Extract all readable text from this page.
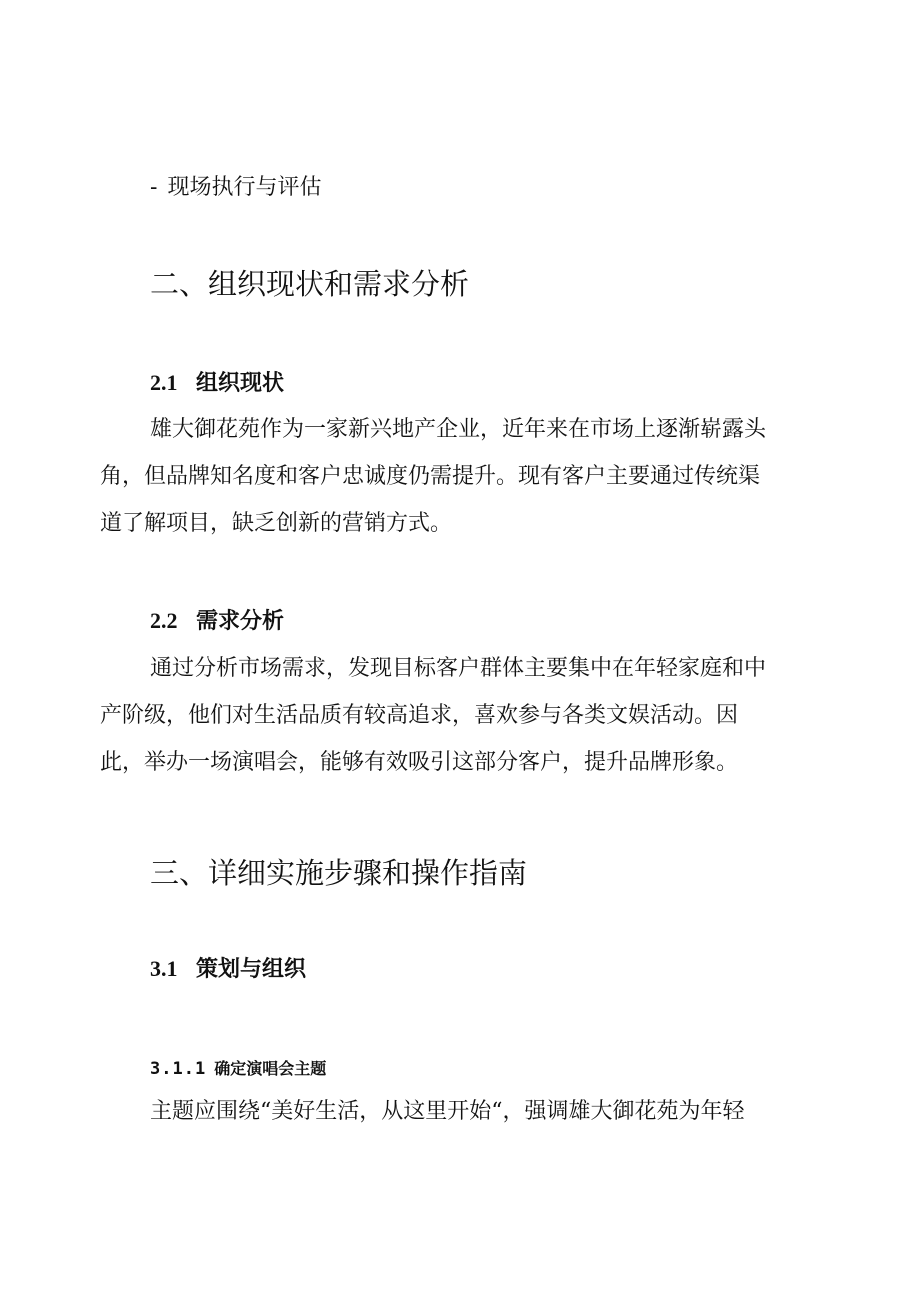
- 现场执行与评估

二、组织现状和需求分析
2.1 组织现状
雄大御花苑作为一家新兴地产企业，近年来在市场上逐渐崭露头
角，但品牌知名度和客户忠诚度仍需提升。现有客户主要通过传统渠
道了解项目，缺乏创新的营销方式。
2.2 需求分析
通过分析市场需求，发现目标客户群体主要集中在年轻家庭和中
产阶级，他们对生活品质有较高追求，喜欢参与各类文娱活动。因
此，举办一场演唱会，能够有效吸引这部分客户，提升品牌形象。
三、详细实施步骤和操作指南
3.1 策划与组织
3.1.1 确定演唱会主题
主题应围绕“美好生活，从这里开始“，强调雄大御花苑为年轻
